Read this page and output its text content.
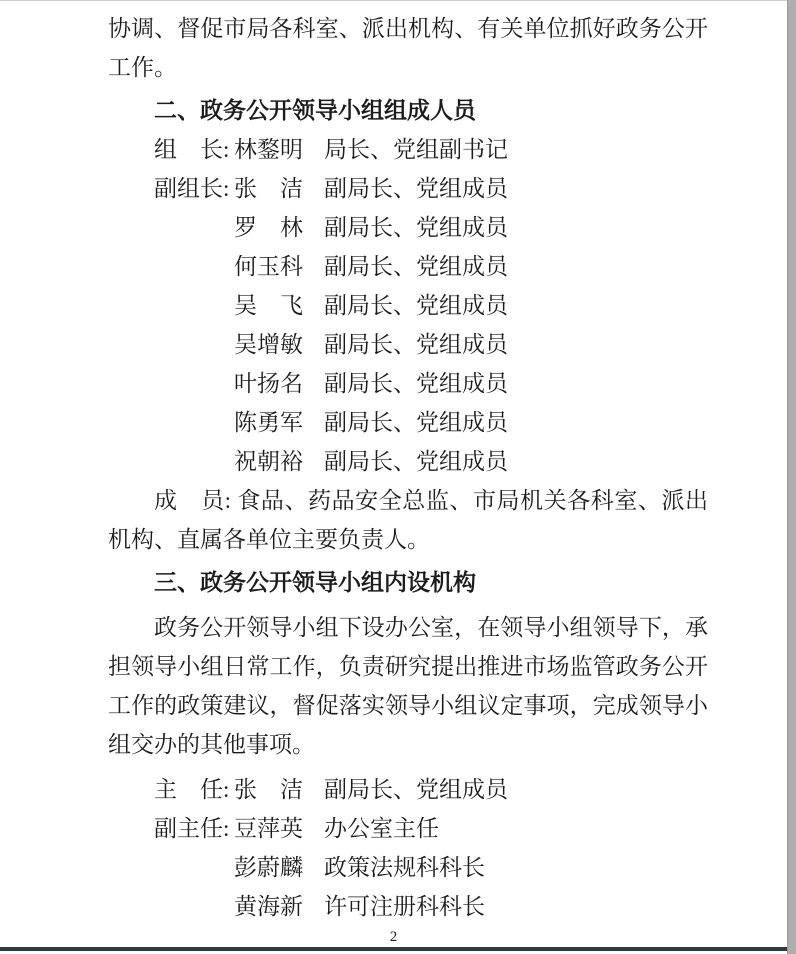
协调、督促市局各科室、派出机构、有关单位抓好政务公开工作。

二、政务公开领导小组组成人员
组　长: 林鍪明 局长、党组副书记
副组长: 张　洁 副局长、党组成员
罗　林 副局长、党组成员
何玉科 副局长、党组成员
吴　飞 副局长、党组成员
吴增敏 副局长、党组成员
叶扬名 副局长、党组成员
陈勇军 副局长、党组成员
祝朝裕 副局长、党组成员

成　员: 食品、药品安全总监、市局机关各科室、派出机构、直属各单位主要负责人。

三、政务公开领导小组内设机构

政务公开领导小组下设办公室，在领导小组领导下，承担领导小组日常工作，负责研究提出推进市场监管政务公开工作的政策建议，督促落实领导小组议定事项，完成领导小组交办的其他事项。

主　任: 张　洁 副局长、党组成员
副主任: 豆萍英 办公室主任
彭蔚麟 政策法规科科长
黄海新 许可注册科科长
2
